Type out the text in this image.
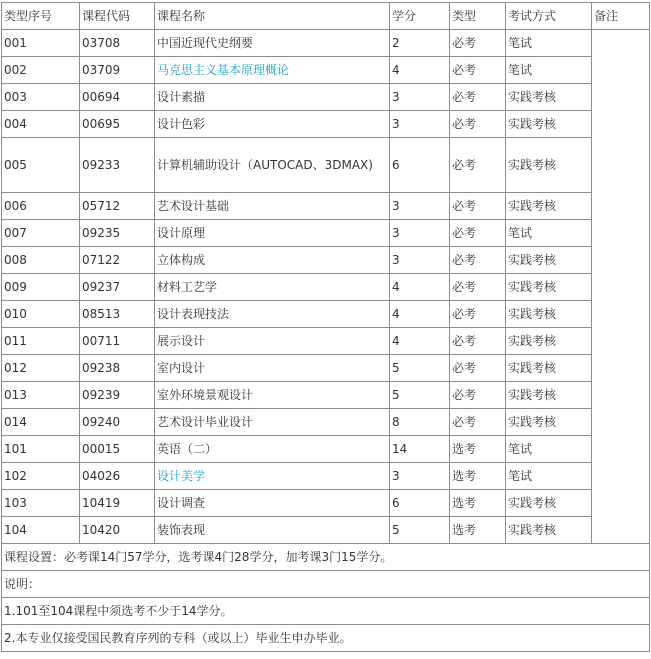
类型序号	课程代码	课程名称	学分	类型	考试方式	备注
001	03708	中国近现代史纲要	2	必考	笔试	
002	03709	马克思主义基本原理概论	4	必考	笔试	
003	00694	设计素描	3	必考	实践考核	
004	00695	设计色彩	3	必考	实践考核	
005	09233	计算机辅助设计（AUTOCAD、3DMAX)	6	必考	实践考核	
006	05712	艺术设计基础	3	必考	实践考核	
007	09235	设计原理	3	必考	笔试	
008	07122	立体构成	3	必考	实践考核	
009	09237	材料工艺学	4	必考	实践考核	
010	08513	设计表现技法	4	必考	实践考核	
011	00711	展示设计	4	必考	实践考核	
012	09238	室内设计	5	必考	实践考核	
013	09239	室外环境景观设计	5	必考	实践考核	
014	09240	艺术设计毕业设计	8	必考	实践考核	
101	00015	英语（二）	14	选考	笔试	
102	04026	设计美学	3	选考	笔试	
103	10419	设计调查	6	选考	实践考核	
104	10420	装饰表现	5	选考	实践考核	
课程设置：必考课14门57学分，选考课4门28学分，加考课3门15学分。						
说明：						
1.101至104课程中须选考不少于14学分。						
2.本专业仅接受国民教育序列的专科（或以上）毕业生申办毕业。						
